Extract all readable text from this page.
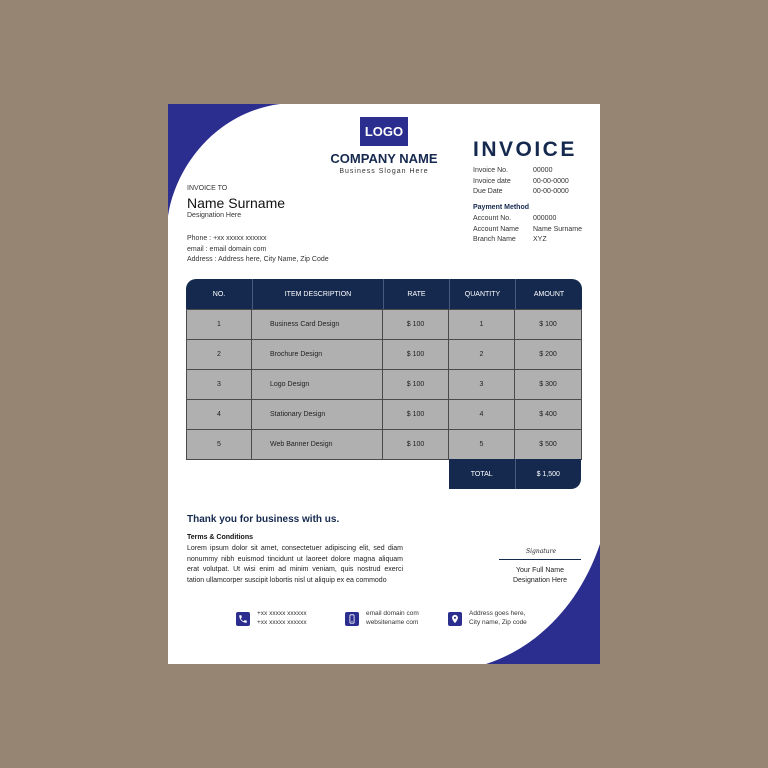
LOGO
COMPANY NAME
Business Slogan Here
INVOICE
Invoice No.	00000
Invoice date	00-00-0000
Due Date	00-00-0000
Payment Method
Account No.	000000
Account Name	Name Surname
Branch Name	XYZ
INVOICE TO
Name Surname
Designation Here
Phone : +xx xxxxx xxxxxx
email : email domain com
Address : Address here, City Name, Zip Code
NO.	ITEM DESCRIPTION	RATE	QUANTITY	AMOUNT
1	Business Card Design	$ 100	1	$ 100
2	Brochure Design	$ 100	2	$ 200
3	Logo Design	$ 100	3	$ 300
4	Stationary Design	$ 100	4	$ 400
5	Web Banner Design	$ 100	5	$ 500
TOTAL	$ 1,500
Thank you for business with us.
Terms & Conditions
Lorem ipsum dolor sit amet, consectetuer adipiscing elit, sed diam nonummy nibh euismod tincidunt ut laoreet dolore magna aliquam erat volutpat. Ut wisi enim ad minim veniam, quis nostrud exerci tation ullamcorper suscipit lobortis nisl ut aliquip ex ea commodo
Signature
Your Full Name
Designation Here
+xx xxxxx xxxxxx
+xx xxxxx xxxxxx
email domain com
websitename com
Address goes here,
City name, Zip code
